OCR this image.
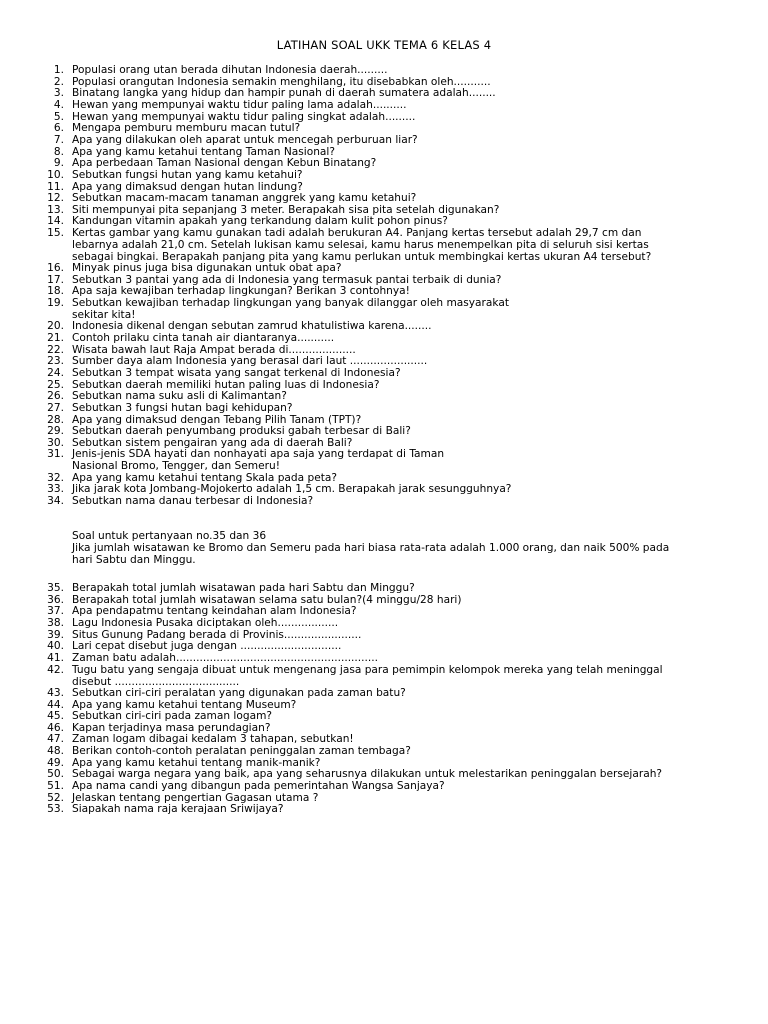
LATIHAN SOAL UKK TEMA 6 KELAS 4
1. Populasi orang utan berada dihutan Indonesia daerah.........
2. Populasi orangutan Indonesia semakin menghilang, itu disebabkan oleh...........
3. Binatang langka yang hidup dan hampir punah di daerah sumatera adalah........
4. Hewan yang mempunyai waktu tidur paling lama adalah..........
5. Hewan yang mempunyai waktu tidur paling singkat adalah.........
6. Mengapa pemburu memburu macan tutul?
7. Apa yang dilakukan oleh aparat untuk mencegah perburuan liar?
8. Apa yang kamu ketahui tentang Taman Nasional?
9. Apa perbedaan Taman Nasional dengan Kebun Binatang?
10. Sebutkan fungsi hutan yang kamu ketahui?
11. Apa yang dimaksud dengan hutan lindung?
12. Sebutkan macam-macam tanaman anggrek yang kamu ketahui?
13. Siti mempunyai pita sepanjang 3 meter. Berapakah sisa pita setelah digunakan?
14. Kandungan vitamin apakah yang terkandung dalam kulit pohon pinus?
15. Kertas gambar yang kamu gunakan tadi adalah berukuran A4. Panjang kertas tersebut adalah 29,7 cm dan
lebarnya adalah 21,0 cm. Setelah lukisan kamu selesai, kamu harus menempelkan pita di seluruh sisi kertas
sebagai bingkai. Berapakah panjang pita yang kamu perlukan untuk membingkai kertas ukuran A4 tersebut?
16. Minyak pinus juga bisa digunakan untuk obat apa?
17. Sebutkan 3 pantai yang ada di Indonesia yang termasuk pantai terbaik di dunia?
18. Apa saja kewajiban terhadap lingkungan? Berikan 3 contohnya!
19. Sebutkan kewajiban terhadap lingkungan yang banyak dilanggar oleh masyarakat
sekitar kita!
20. Indonesia dikenal dengan sebutan zamrud khatulistiwa karena........
21. Contoh prilaku cinta tanah air diantaranya...........
22. Wisata bawah laut Raja Ampat berada di....................
23. Sumber daya alam Indonesia yang berasal dari laut .......................
24. Sebutkan 3 tempat wisata yang sangat terkenal di Indonesia?
25. Sebutkan daerah memiliki hutan paling luas di Indonesia?
26. Sebutkan nama suku asli di Kalimantan?
27. Sebutkan 3 fungsi hutan bagi kehidupan?
28. Apa yang dimaksud dengan Tebang Pilih Tanam (TPT)?
29. Sebutkan daerah penyumbang produksi gabah terbesar di Bali?
30. Sebutkan sistem pengairan yang ada di daerah Bali?
31. Jenis-jenis SDA hayati dan nonhayati apa saja yang terdapat di Taman
Nasional Bromo, Tengger, dan Semeru!
32. Apa yang kamu ketahui tentang Skala pada peta?
33. Jika jarak kota Jombang-Mojokerto adalah 1,5 cm. Berapakah jarak sesungguhnya?
34. Sebutkan nama danau terbesar di Indonesia?
Soal untuk pertanyaan no.35 dan 36
Jika jumlah wisatawan ke Bromo dan Semeru pada hari biasa rata-rata adalah 1.000 orang, dan naik 500% pada
hari Sabtu dan Minggu.
35. Berapakah total jumlah wisatawan pada hari Sabtu dan Minggu?
36. Berapakah total jumlah wisatawan selama satu bulan?(4 minggu/28 hari)
37. Apa pendapatmu tentang keindahan alam Indonesia?
38. Lagu Indonesia Pusaka diciptakan oleh..................
39. Situs Gunung Padang berada di Provinis.......................
40. Lari cepat disebut juga dengan ..............................
41. Zaman batu adalah............................................................
42. Tugu batu yang sengaja dibuat untuk mengenang jasa para pemimpin kelompok mereka yang telah meninggal
disebut .....................................
43. Sebutkan ciri-ciri peralatan yang digunakan pada zaman batu?
44. Apa yang kamu ketahui tentang Museum?
45. Sebutkan ciri-ciri pada zaman logam?
46. Kapan terjadinya masa perundagian?
47. Zaman logam dibagai kedalam 3 tahapan, sebutkan!
48. Berikan contoh-contoh peralatan peninggalan zaman tembaga?
49. Apa yang kamu ketahui tentang manik-manik?
50. Sebagai warga negara yang baik, apa yang seharusnya dilakukan untuk melestarikan peninggalan bersejarah?
51. Apa nama candi yang dibangun pada pemerintahan Wangsa Sanjaya?
52. Jelaskan tentang pengertian Gagasan utama ?
53. Siapakah nama raja kerajaan Sriwijaya?
